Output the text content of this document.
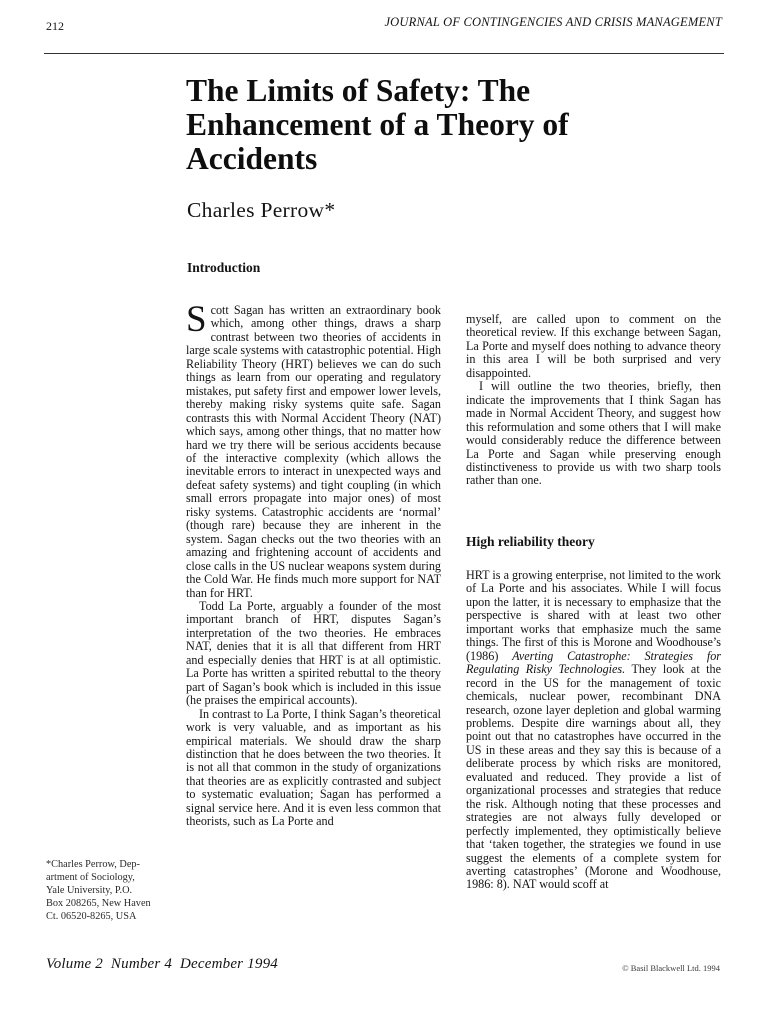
212	JOURNAL OF CONTINGENCIES AND CRISIS MANAGEMENT
The Limits of Safety: The Enhancement of a Theory of Accidents
Charles Perrow*
Introduction

Scott Sagan has written an extraordinary book which, among other things, draws a sharp contrast between two theories of accidents in large scale systems with catastrophic potential. High Reliability Theory (HRT) believes we can do such things as learn from our operating and regulatory mistakes, put safety first and empower lower levels, thereby making risky systems quite safe. Sagan contrasts this with Normal Accident Theory (NAT) which says, among other things, that no matter how hard we try there will be serious accidents because of the interactive complexity (which allows the inevitable errors to interact in unexpected ways and defeat safety systems) and tight coupling (in which small errors propagate into major ones) of most risky systems. Catastrophic accidents are ‘normal’ (though rare) because they are inherent in the system. Sagan checks out the two theories with an amazing and frightening account of accidents and close calls in the US nuclear weapons system during the Cold War. He finds much more support for NAT than for HRT.

Todd La Porte, arguably a founder of the most important branch of HRT, disputes Sagan’s interpretation of the two theories. He embraces NAT, denies that it is all that different from HRT and especially denies that HRT is at all optimistic. La Porte has written a spirited rebuttal to the theory part of Sagan’s book which is included in this issue (he praises the empirical accounts).

In contrast to La Porte, I think Sagan’s theoretical work is very valuable, and as important as his empirical materials. We should draw the sharp distinction that he does between the two theories. It is not all that common in the study of organizations that theories are as explicitly contrasted and subject to systematic evaluation; Sagan has performed a signal service here. And it is even less common that theorists, such as La Porte and

myself, are called upon to comment on the theoretical review. If this exchange between Sagan, La Porte and myself does nothing to advance theory in this area I will be both surprised and very disappointed.

I will outline the two theories, briefly, then indicate the improvements that I think Sagan has made in Normal Accident Theory, and suggest how this reformulation and some others that I will make would considerably reduce the difference between La Porte and Sagan while preserving enough distinctiveness to provide us with two sharp tools rather than one.

High reliability theory

HRT is a growing enterprise, not limited to the work of La Porte and his associates. While I will focus upon the latter, it is necessary to emphasize that the perspective is shared with at least two other important works that emphasize much the same things. The first of this is Morone and Woodhouse’s (1986) Averting Catastrophe: Strategies for Regulating Risky Technologies. They look at the record in the US for the management of toxic chemicals, nuclear power, recombinant DNA research, ozone layer depletion and global warming problems. Despite dire warnings about all, they point out that no catastrophes have occurred in the US in these areas and they say this is because of a deliberate process by which risks are monitored, evaluated and reduced. They provide a list of organizational processes and strategies that reduce the risk. Although noting that these processes and strategies are not always fully developed or perfectly implemented, they optimistically believe that ‘taken together, the strategies we found in use suggest the elements of a complete system for averting catastrophes’ (Morone and Woodhouse, 1986: 8). NAT would scoff at

*Charles Perrow, Dep-
artment of Sociology,
Yale University, P.O.
Box 208265, New Haven
Ct. 06520-8265, USA
Volume 2  Number 4  December 1994	© Basil Blackwell Ltd. 1994
